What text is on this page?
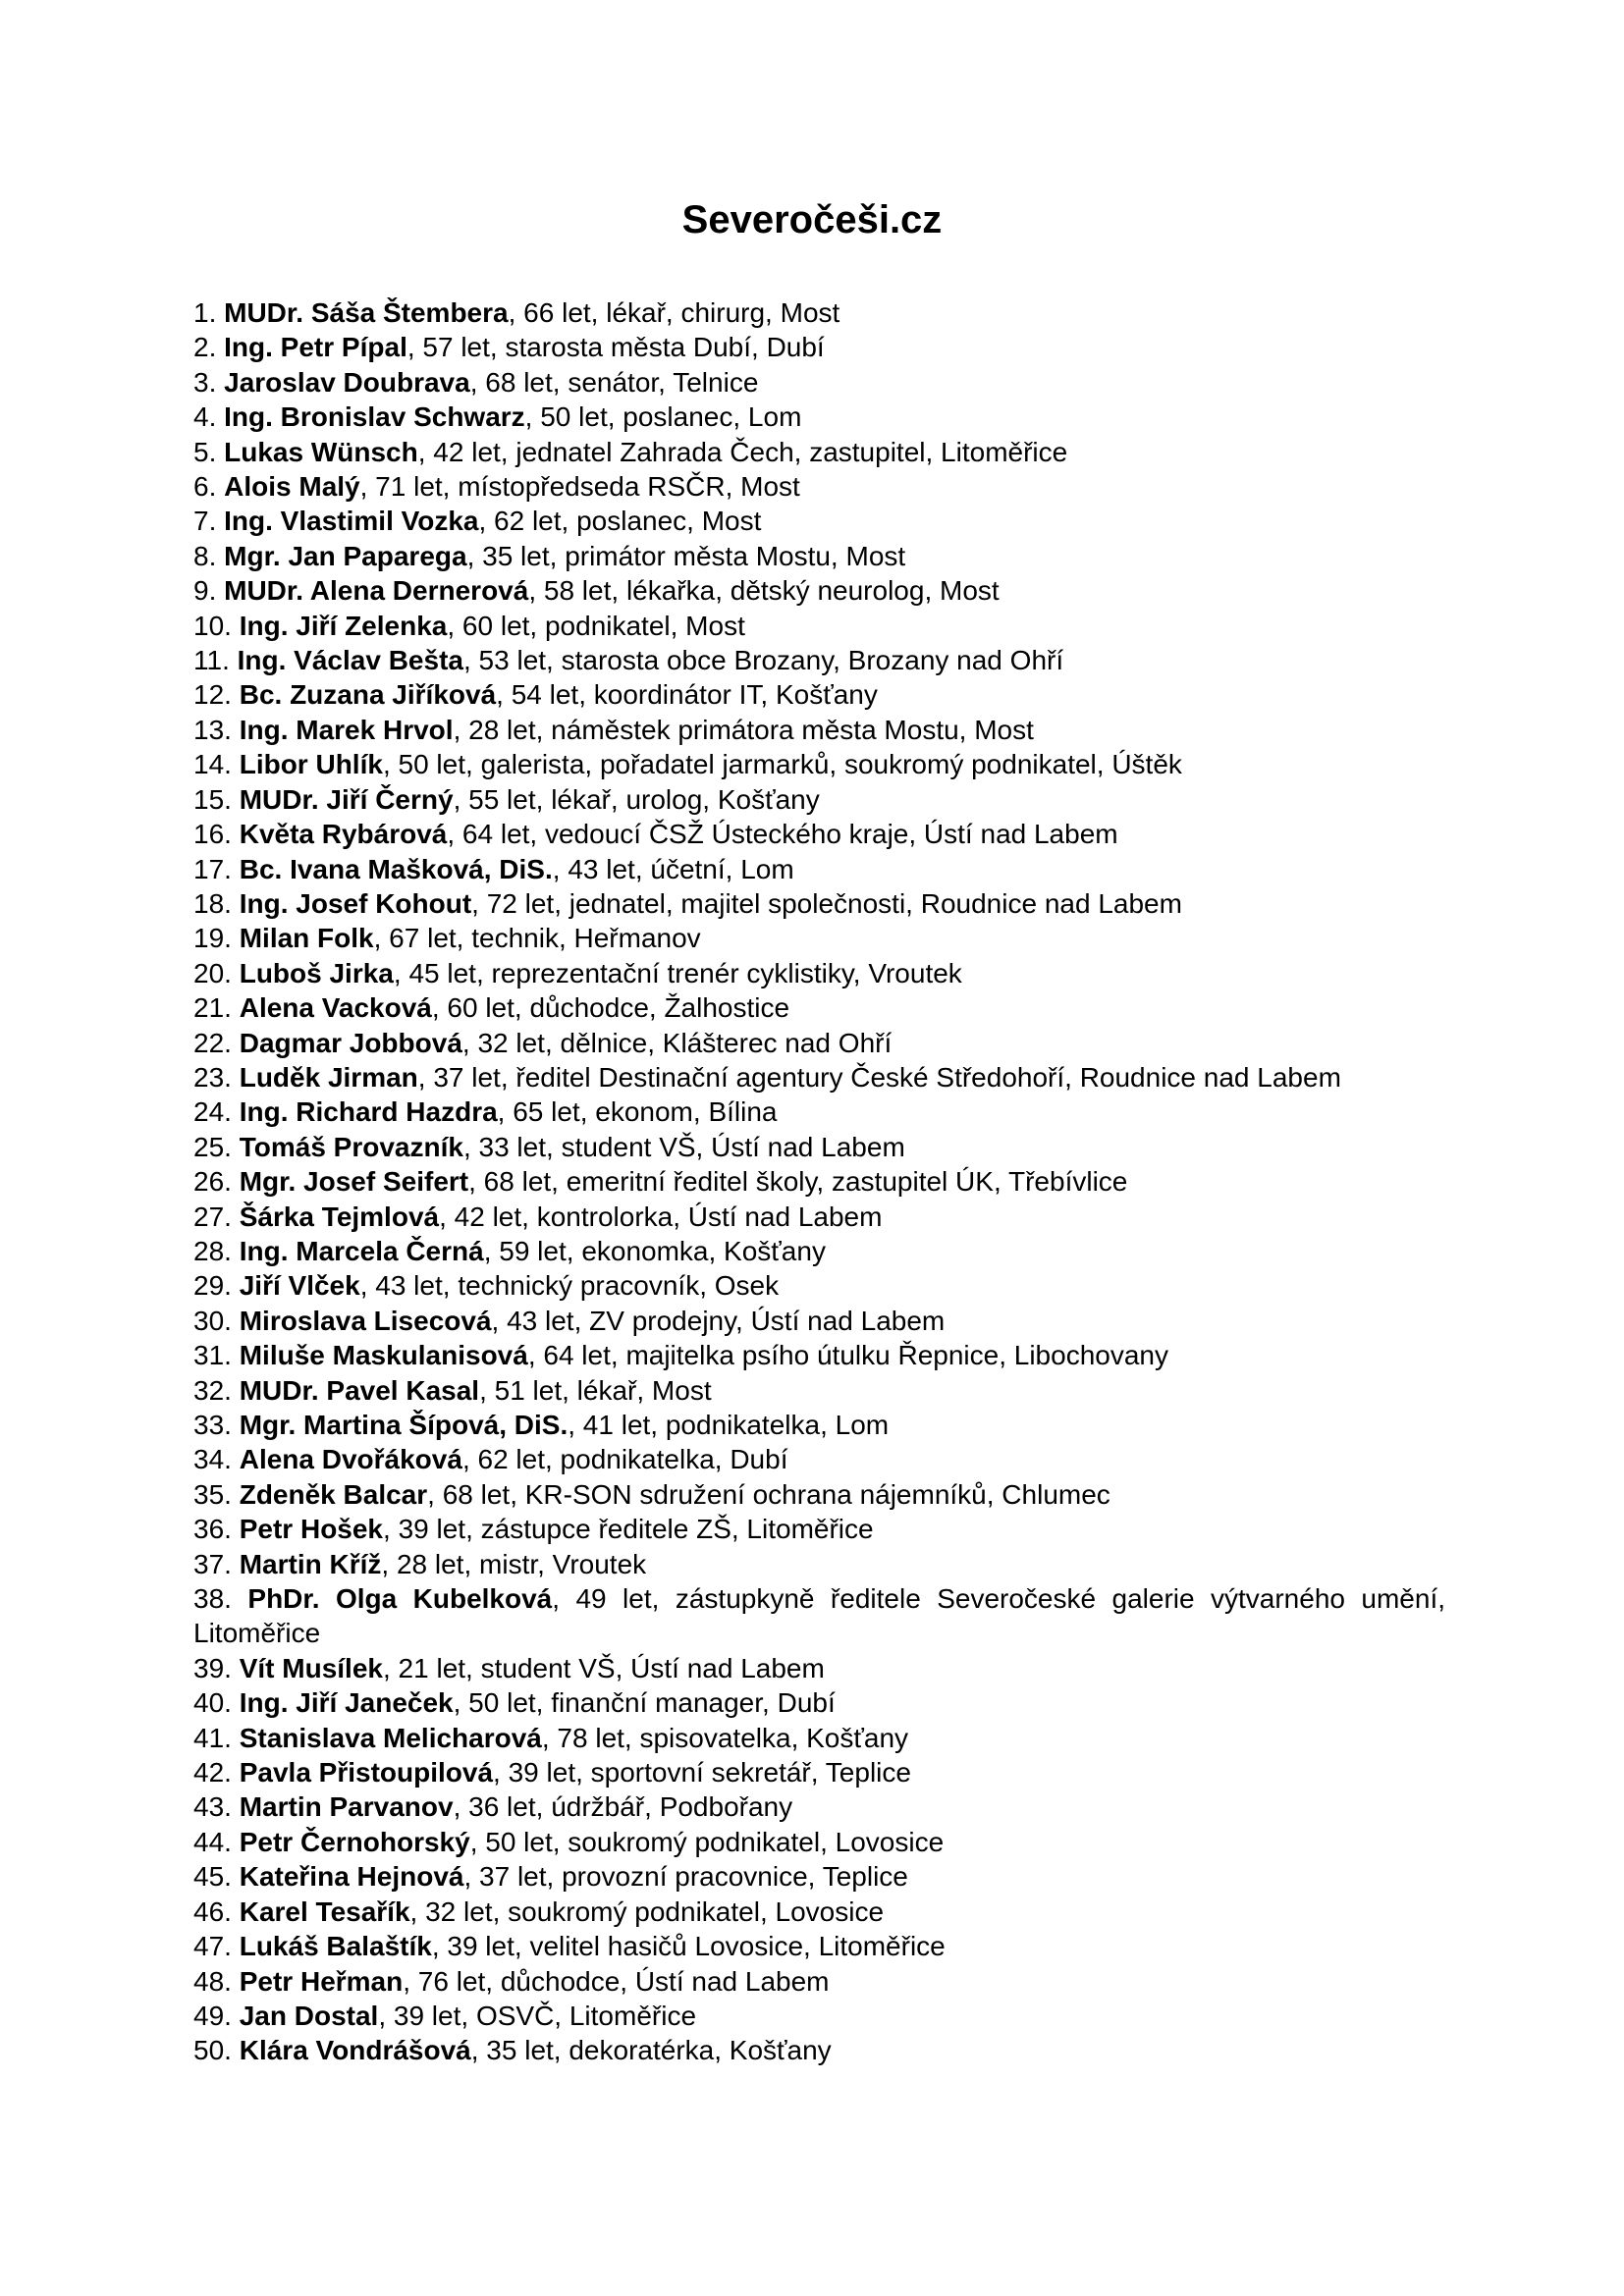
Severočeši.cz
1. MUDr. Sáša Štembera, 66 let, lékař, chirurg, Most
2. Ing. Petr Pípal, 57 let, starosta města Dubí, Dubí
3. Jaroslav Doubrava, 68 let, senátor, Telnice
4. Ing. Bronislav Schwarz, 50 let, poslanec, Lom
5. Lukas Wünsch, 42 let, jednatel Zahrada Čech, zastupitel, Litoměřice
6. Alois Malý, 71 let, místopředseda RSČR, Most
7. Ing. Vlastimil Vozka, 62 let, poslanec, Most
8. Mgr. Jan Paparega, 35 let, primátor města Mostu, Most
9. MUDr. Alena Dernerová, 58 let, lékařka, dětský neurolog, Most
10. Ing. Jiří Zelenka, 60 let, podnikatel, Most
11. Ing. Václav Bešta, 53 let, starosta obce Brozany, Brozany nad Ohří
12. Bc. Zuzana Jiříková, 54 let, koordinátor IT, Košťany
13. Ing. Marek Hrvol, 28 let, náměstek primátora města Mostu, Most
14. Libor Uhlík, 50 let, galerista, pořadatel jarmarků, soukromý podnikatel, Úštěk
15. MUDr. Jiří Černý, 55 let, lékař, urolog, Košťany
16. Květa Rybárová, 64 let, vedoucí ČSŽ Ústeckého kraje, Ústí nad Labem
17. Bc. Ivana Mašková, DiS., 43 let, účetní, Lom
18. Ing. Josef Kohout, 72 let, jednatel, majitel společnosti, Roudnice nad Labem
19. Milan Folk, 67 let, technik, Heřmanov
20. Luboš Jirka, 45 let, reprezentační trenér cyklistiky, Vroutek
21. Alena Vacková, 60 let, důchodce, Žalhostice
22. Dagmar Jobbová, 32 let, dělnice, Klášterec nad Ohří
23. Luděk Jirman, 37 let, ředitel Destinační agentury České Středohoří, Roudnice nad Labem
24. Ing. Richard Hazdra, 65 let, ekonom, Bílina
25. Tomáš Provazník, 33 let, student VŠ, Ústí nad Labem
26. Mgr. Josef Seifert, 68 let, emeritní ředitel školy, zastupitel ÚK, Třebívlice
27. Šárka Tejmlová, 42 let, kontrolorka, Ústí nad Labem
28. Ing. Marcela Černá, 59 let, ekonomka, Košťany
29. Jiří Vlček, 43 let, technický pracovník, Osek
30. Miroslava Lisecová, 43 let, ZV prodejny, Ústí nad Labem
31. Miluše Maskulanisová, 64 let, majitelka psího útulku Řepnice, Libochovany
32. MUDr. Pavel Kasal, 51 let, lékař, Most
33. Mgr. Martina Šípová, DiS., 41 let, podnikatelka, Lom
34. Alena Dvořáková, 62 let, podnikatelka, Dubí
35. Zdeněk Balcar, 68 let, KR-SON sdružení ochrana nájemníků, Chlumec
36. Petr Hošek, 39 let, zástupce ředitele ZŠ, Litoměřice
37. Martin Kříž, 28 let, mistr, Vroutek
38. PhDr. Olga Kubelková, 49 let, zástupkyně ředitele Severočeské galerie výtvarného umění, Litoměřice
39. Vít Musílek, 21 let, student VŠ, Ústí nad Labem
40. Ing. Jiří Janeček, 50 let, finanční manager, Dubí
41. Stanislava Melicharová, 78 let, spisovatelka, Košťany
42. Pavla Přistoupilová, 39 let, sportovní sekretář, Teplice
43. Martin Parvanov, 36 let, údržbář, Podbořany
44. Petr Černohorský, 50 let, soukromý podnikatel, Lovosice
45. Kateřina Hejnová, 37 let, provozní pracovnice, Teplice
46. Karel Tesařík, 32 let, soukromý podnikatel, Lovosice
47. Lukáš Balaštík, 39 let, velitel hasičů Lovosice, Litoměřice
48. Petr Heřman, 76 let, důchodce, Ústí nad Labem
49. Jan Dostal, 39 let, OSVČ, Litoměřice
50. Klára Vondrášová, 35 let, dekoratérka, Košťany
